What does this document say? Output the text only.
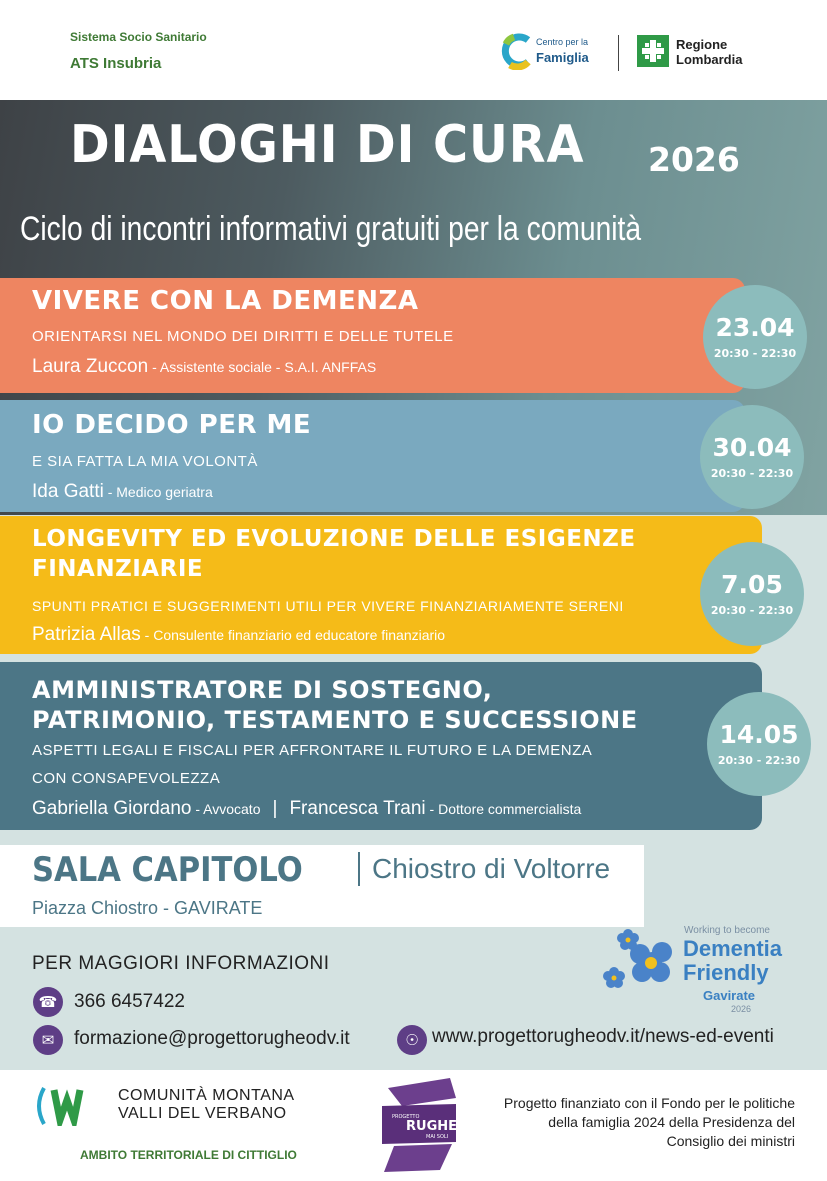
Sistema Socio Sanitario
ATS Insubria
Centro per la
Famiglia
Regione
Lombardia
DIALOGHI DI CURA 2026
Ciclo di incontri informativi gratuiti per la comunità
VIVERE CON LA DEMENZA
ORIENTARSI NEL MONDO DEI DIRITTI E DELLE TUTELE
Laura Zuccon - Assistente sociale - S.A.I. ANFFAS
23.04
20:30 - 22:30
IO DECIDO PER ME
E SIA FATTA LA MIA VOLONTÀ
Ida Gatti - Medico geriatra
30.04
20:30 - 22:30
LONGEVITY ED EVOLUZIONE DELLE ESIGENZE
FINANZIARIE
SPUNTI PRATICI E SUGGERIMENTI UTILI PER VIVERE FINANZIARIAMENTE SERENI
Patrizia Allas - Consulente finanziario ed educatore finanziario
7.05
20:30 - 22:30
AMMINISTRATORE DI SOSTEGNO,
PATRIMONIO, TESTAMENTO E SUCCESSIONE
ASPETTI LEGALI E FISCALI PER AFFRONTARE IL FUTURO E LA DEMENZA
CON CONSAPEVOLEZZA
Gabriella Giordano - Avvocato | Francesca Trani - Dottore commercialista
14.05
20:30 - 22:30
SALA CAPITOLO Chiostro di Voltorre
Piazza Chiostro - GAVIRATE
PER MAGGIORI INFORMAZIONI
☎ 366 6457422
✉	formazione@progettorugheodv.it	☉ www.progettorugheodv.it/news-ed-eventi
Working to become
Dementia
Friendly
Gavirate
2026
COMUNITÀ MONTANA
VALLI DEL VERBANO
AMBITO TERRITORIALE DI CITTIGLIO
PROGETTO
RUGHE
MAI SOLI
Progetto finanziato con il Fondo per le politiche della famiglia 2024 della Presidenza del Consiglio dei ministri
